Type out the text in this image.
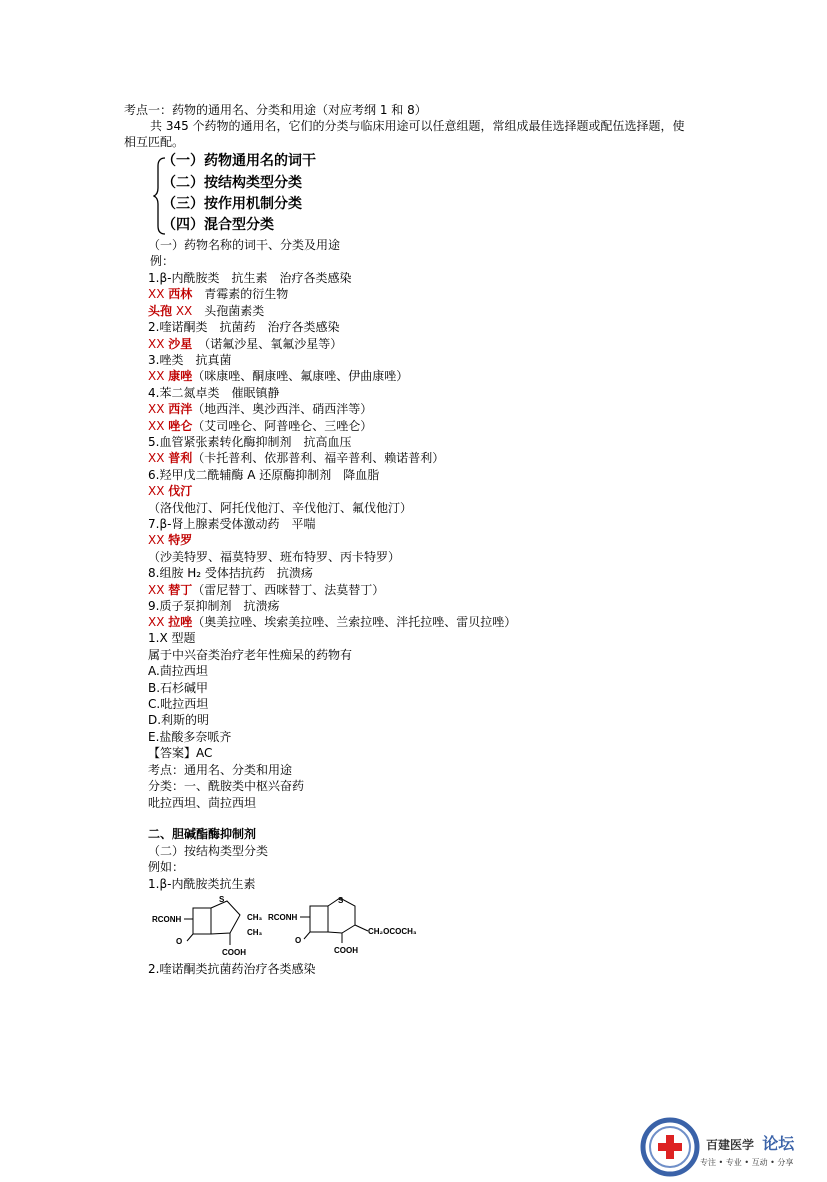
考点一：药物的通用名、分类和用途（对应考纲 1 和 8）
共 345 个药物的通用名，它们的分类与临床用途可以任意组题，常组成最佳选择题或配伍选择题，使
相互匹配。
（一）药物通用名的词干
（二）按结构类型分类
（三）按作用机制分类
（四）混合型分类
（一）药物名称的词干、分类及用途
例：
1.β-内酰胺类　抗生素　治疗各类感染
XX 西林　青霉素的衍生物
头孢 XX　头孢菌素类
2.喹诺酮类　抗菌药　治疗各类感染
XX 沙星　（诺氟沙星、氧氟沙星等）
3.唑类　抗真菌
XX 康唑（咪康唑、酮康唑、氟康唑、伊曲康唑）
4.苯二氮卓类　催眠镇静
XX 西泮（地西泮、奥沙西泮、硝西泮等）
XX 唑仑（艾司唑仑、阿普唑仑、三唑仑）
5.血管紧张素转化酶抑制剂　抗高血压
XX 普利（卡托普利、依那普利、福辛普利、赖诺普利）
6.羟甲戊二酰辅酶 A 还原酶抑制剂　降血脂
XX 伐汀
（洛伐他汀、阿托伐他汀、辛伐他汀、氟伐他汀）
7.β-肾上腺素受体激动药　平喘
XX 特罗
（沙美特罗、福莫特罗、班布特罗、丙卡特罗）
8.组胺 H₂ 受体拮抗药　抗溃疡
XX 替丁（雷尼替丁、西咪替丁、法莫替丁）
9.质子泵抑制剂　抗溃疡
XX 拉唑（奥美拉唑、埃索美拉唑、兰索拉唑、泮托拉唑、雷贝拉唑）
1.X 型题
属于中兴奋类治疗老年性痴呆的药物有
A.茴拉西坦
B.石杉碱甲
C.吡拉西坦
D.利斯的明
E.盐酸多奈哌齐
【答案】AC
考点：通用名、分类和用途
分类：一、酰胺类中枢兴奋药
吡拉西坦、茴拉西坦
二、胆碱酯酶抑制剂
（二）按结构类型分类
例如：
1.β-内酰胺类抗生素
RCONH
S
O
COOH
CH₃
CH₃
RCONH
S
O
COOH
CH₂OCOCH₃
2.喹诺酮类抗菌药治疗各类感染
百建医学 论坛
专注 • 专业 • 互动 • 分享
